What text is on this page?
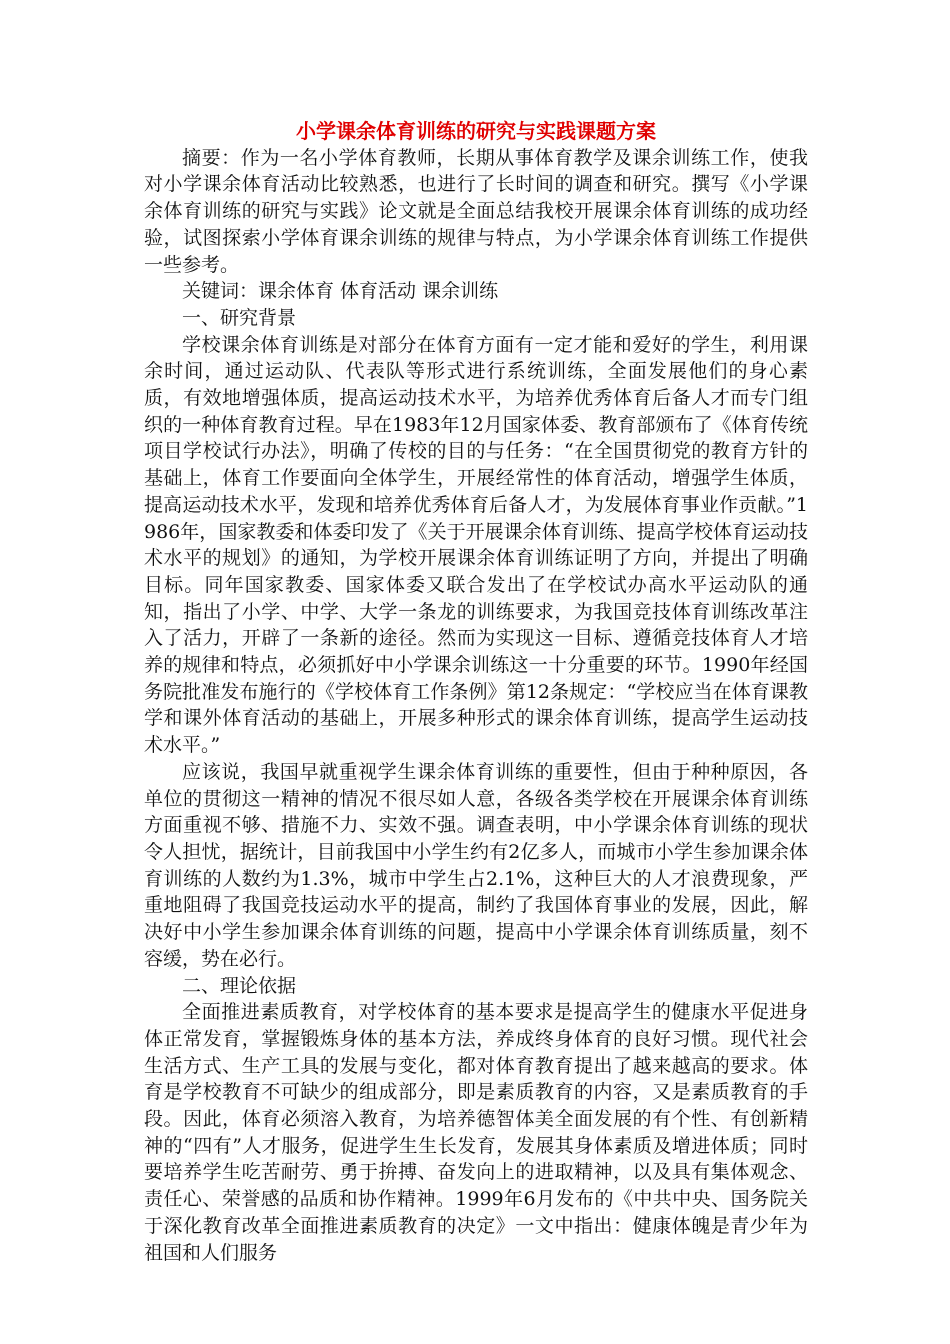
小学课余体育训练的研究与实践课题方案

摘要：作为一名小学体育教师，长期从事体育教学及课余训练工作，使我对小学课余体育活动比较熟悉，也进行了长时间的调查和研究。撰写《小学课余体育训练的研究与实践》论文就是全面总结我校开展课余体育训练的成功经验，试图探索小学体育课余训练的规律与特点，为小学课余体育训练工作提供一些参考。

关键词：课余体育 体育活动 课余训练

一、研究背景

学校课余体育训练是对部分在体育方面有一定才能和爱好的学生，利用课余时间，通过运动队、代表队等形式进行系统训练，全面发展他们的身心素质，有效地增强体质，提高运动技术水平，为培养优秀体育后备人才而专门组织的一种体育教育过程。早在1983年12月国家体委、教育部颁布了《体育传统项目学校试行办法》，明确了传校的目的与任务：“在全国贯彻党的教育方针的基础上，体育工作要面向全体学生，开展经常性的体育活动，增强学生体质，提高运动技术水平，发现和培养优秀体育后备人才，为发展体育事业作贡献。”1986年，国家教委和体委印发了《关于开展课余体育训练、提高学校体育运动技术水平的规划》的通知，为学校开展课余体育训练证明了方向，并提出了明确目标。同年国家教委、国家体委又联合发出了在学校试办高水平运动队的通知，指出了小学、中学、大学一条龙的训练要求，为我国竞技体育训练改革注入了活力，开辟了一条新的途径。然而为实现这一目标、遵循竞技体育人才培养的规律和特点，必须抓好中小学课余训练这一十分重要的环节。1990年经国务院批准发布施行的《学校体育工作条例》第12条规定：“学校应当在体育课教学和课外体育活动的基础上，开展多种形式的课余体育训练，提高学生运动技术水平。”

应该说，我国早就重视学生课余体育训练的重要性，但由于种种原因，各单位的贯彻这一精神的情况不很尽如人意，各级各类学校在开展课余体育训练方面重视不够、措施不力、实效不强。调查表明，中小学课余体育训练的现状令人担忧，据统计，目前我国中小学生约有2亿多人，而城市小学生参加课余体育训练的人数约为1.3%，城市中学生占2.1%，这种巨大的人才浪费现象，严重地阻碍了我国竞技运动水平的提高，制约了我国体育事业的发展，因此，解决好中小学生参加课余体育训练的问题，提高中小学课余体育训练质量，刻不容缓，势在必行。

二、理论依据

全面推进素质教育，对学校体育的基本要求是提高学生的健康水平促进身体正常发育，掌握锻炼身体的基本方法，养成终身体育的良好习惯。现代社会生活方式、生产工具的发展与变化，都对体育教育提出了越来越高的要求。体育是学校教育不可缺少的组成部分，即是素质教育的内容，又是素质教育的手段。因此，体育必须溶入教育，为培养德智体美全面发展的有个性、有创新精神的“四有”人才服务，促进学生生长发育，发展其身体素质及增进体质；同时要培养学生吃苦耐劳、勇于拚搏、奋发向上的进取精神，以及具有集体观念、责任心、荣誉感的品质和协作精神。1999年6月发布的《中共中央、国务院关于深化教育改革全面推进素质教育的决定》一文中指出：健康体魄是青少年为祖国和人们服务
